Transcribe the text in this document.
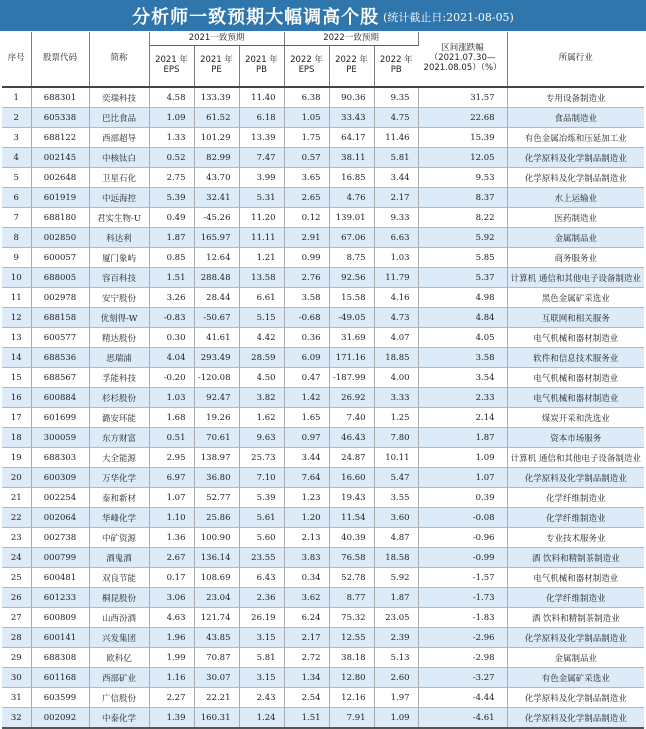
分析师一致预期大幅调高个股 (统计截止日:2021-08-05)
序号	股票代码	简称	2021一致预期			2022一致预期			区间涨跌幅（2021.07.30—2021.08.05）（%）	所属行业
			2021 年 EPS	2021 年 PE	2021 年 PB	2022 年 EPS	2022 年 PE	2022 年 PB		
1	688301	奕瑞科技	4.58	133.39	11.40	6.38	90.36	9.35	31.57	专用设备制造业
2	605338	巴比食品	1.09	61.52	6.18	1.05	33.43	4.75	22.68	食品制造业
3	688122	西部超导	1.33	101.29	13.39	1.75	64.17	11.46	15.39	有色金属冶炼和压延加工业
4	002145	中核钛白	0.52	82.99	7.47	0.57	38.11	5.81	12.05	化学原料及化学制品制造业
5	002648	卫星石化	2.75	43.70	3.99	3.65	16.85	3.44	9.53	化学原料及化学制品制造业
6	601919	中远海控	5.39	32.41	5.31	2.65	4.76	2.17	8.37	水上运输业
7	688180	君实生物-U	0.49	-45.26	11.20	0.12	139.01	9.33	8.22	医药制造业
8	002850	科达利	1.87	165.97	11.11	2.91	67.06	6.63	5.92	金属制品业
9	600057	厦门象屿	0.85	12.64	1.21	0.99	8.75	1.03	5.85	商务服务业
10	688005	容百科技	1.51	288.48	13.58	2.76	92.56	11.79	5.37	计算机 通信和其他电子设备制造业
11	002978	安宁股份	3.26	28.44	6.61	3.58	15.58	4.16	4.98	黑色金属矿采选业
12	688158	优刻得-W	-0.83	-50.67	5.15	-0.68	-49.05	4.73	4.84	互联网和相关服务
13	600577	精达股份	0.30	41.61	4.42	0.36	31.69	4.07	4.05	电气机械和器材制造业
14	688536	思瑞浦	4.04	293.49	28.59	6.09	171.16	18.85	3.58	软件和信息技术服务业
15	688567	孚能科技	-0.20	-120.08	4.50	0.47	-187.99	4.00	3.54	电气机械和器材制造业
16	600884	杉杉股份	1.03	92.47	3.82	1.42	26.92	3.33	2.33	电气机械和器材制造业
17	601699	潞安环能	1.68	19.26	1.62	1.65	7.40	1.25	2.14	煤炭开采和洗选业
18	300059	东方财富	0.51	70.61	9.63	0.97	46.43	7.80	1.87	资本市场服务
19	688303	大全能源	2.95	138.97	25.73	3.44	24.87	10.11	1.09	计算机 通信和其他电子设备制造业
20	600309	万华化学	6.97	36.80	7.10	7.64	16.60	5.47	1.07	化学原料及化学制品制造业
21	002254	泰和新材	1.07	52.77	5.39	1.23	19.43	3.55	0.39	化学纤维制造业
22	002064	华峰化学	1.10	25.86	5.61	1.20	11.54	3.60	-0.08	化学纤维制造业
23	002738	中矿资源	1.36	100.90	5.60	2.13	40.39	4.87	-0.96	专业技术服务业
24	000799	酒鬼酒	2.67	136.14	23.55	3.83	76.58	18.58	-0.99	酒 饮料和精制茶制造业
25	600481	双良节能	0.17	108.69	6.43	0.34	52.78	5.92	-1.57	电气机械和器材制造业
26	601233	桐昆股份	3.06	23.04	2.36	3.62	8.77	1.87	-1.73	化学纤维制造业
27	600809	山西汾酒	4.63	121.74	26.19	6.24	75.32	23.05	-1.83	酒 饮料和精制茶制造业
28	600141	兴发集团	1.96	43.85	3.15	2.17	12.55	2.39	-2.96	化学原料及化学制品制造业
29	688308	欧科亿	1.99	70.87	5.81	2.72	38.18	5.13	-2.98	金属制品业
30	601168	西部矿业	1.16	30.07	3.15	1.34	12.80	2.60	-3.27	有色金属矿采选业
31	603599	广信股份	2.27	22.21	2.43	2.54	12.16	1.97	-4.44	化学原料及化学制品制造业
32	002092	中泰化学	1.39	160.31	1.24	1.51	7.91	1.09	-4.61	化学原料及化学制品制造业
